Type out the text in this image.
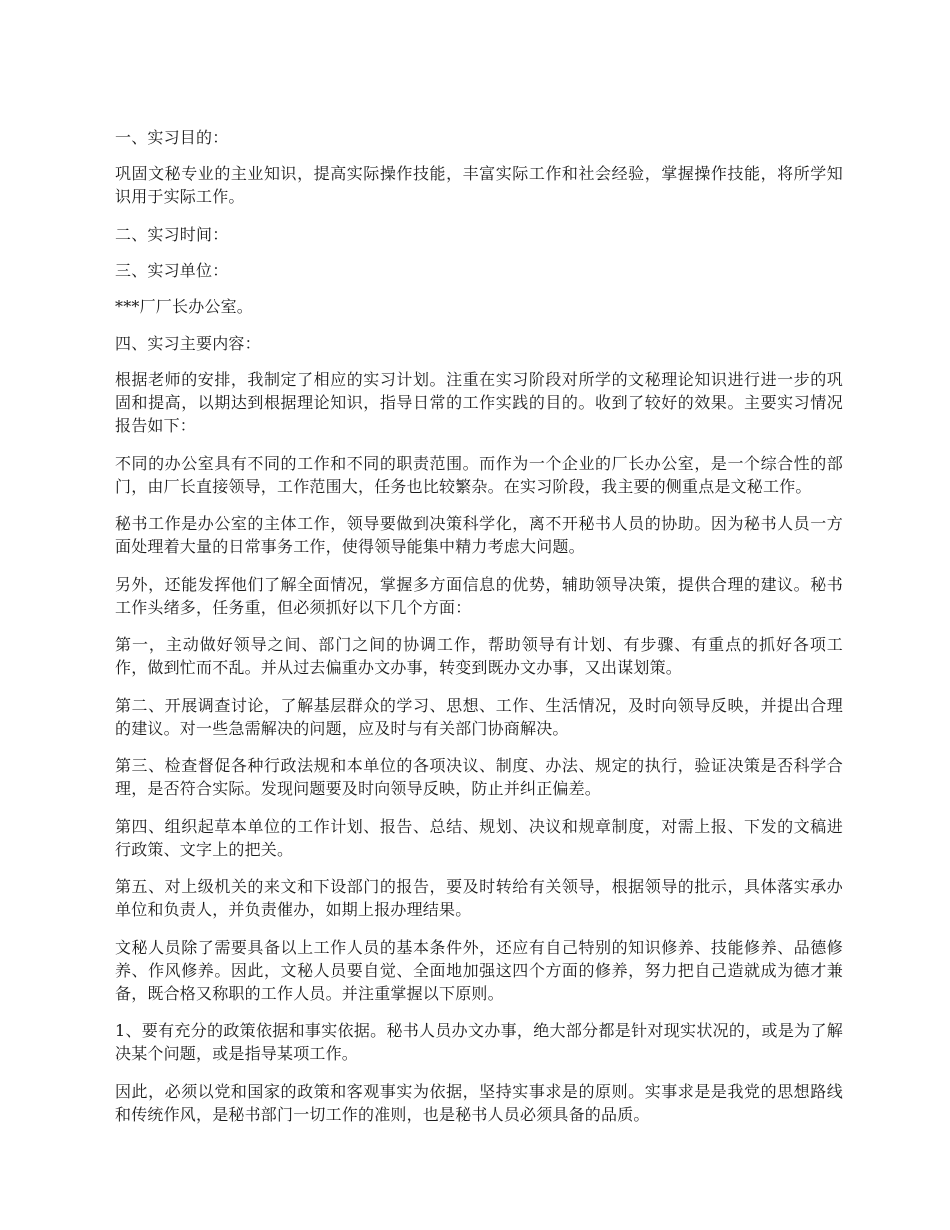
一、实习目的：

巩固文秘专业的主业知识，提高实际操作技能，丰富实际工作和社会经验，掌握操作技能，将所学知识用于实际工作。

二、实习时间：

三、实习单位：

***厂厂长办公室。

四、实习主要内容：

根据老师的安排，我制定了相应的实习计划。注重在实习阶段对所学的文秘理论知识进行进一步的巩固和提高，以期达到根据理论知识，指导日常的工作实践的目的。收到了较好的效果。主要实习情况报告如下：

不同的办公室具有不同的工作和不同的职责范围。而作为一个企业的厂长办公室，是一个综合性的部门，由厂长直接领导，工作范围大，任务也比较繁杂。在实习阶段，我主要的侧重点是文秘工作。

秘书工作是办公室的主体工作，领导要做到决策科学化，离不开秘书人员的协助。因为秘书人员一方面处理着大量的日常事务工作，使得领导能集中精力考虑大问题。

另外，还能发挥他们了解全面情况，掌握多方面信息的优势，辅助领导决策，提供合理的建议。秘书工作头绪多，任务重，但必须抓好以下几个方面：

第一，主动做好领导之间、部门之间的协调工作，帮助领导有计划、有步骤、有重点的抓好各项工作，做到忙而不乱。并从过去偏重办文办事，转变到既办文办事，又出谋划策。

第二、开展调查讨论，了解基层群众的学习、思想、工作、生活情况，及时向领导反映，并提出合理的建议。对一些急需解决的问题，应及时与有关部门协商解决。

第三、检查督促各种行政法规和本单位的各项决议、制度、办法、规定的执行，验证决策是否科学合理，是否符合实际。发现问题要及时向领导反映，防止并纠正偏差。

第四、组织起草本单位的工作计划、报告、总结、规划、决议和规章制度，对需上报、下发的文稿进行政策、文字上的把关。

第五、对上级机关的来文和下设部门的报告，要及时转给有关领导，根据领导的批示，具体落实承办单位和负责人，并负责催办，如期上报办理结果。

文秘人员除了需要具备以上工作人员的基本条件外，还应有自己特别的知识修养、技能修养、品德修养、作风修养。因此，文秘人员要自觉、全面地加强这四个方面的修养，努力把自己造就成为德才兼备，既合格又称职的工作人员。并注重掌握以下原则。

1、要有充分的政策依据和事实依据。秘书人员办文办事，绝大部分都是针对现实状况的，或是为了解决某个问题，或是指导某项工作。

因此，必须以党和国家的政策和客观事实为依据，坚持实事求是的原则。实事求是是我党的思想路线和传统作风，是秘书部门一切工作的准则，也是秘书人员必须具备的品质。
